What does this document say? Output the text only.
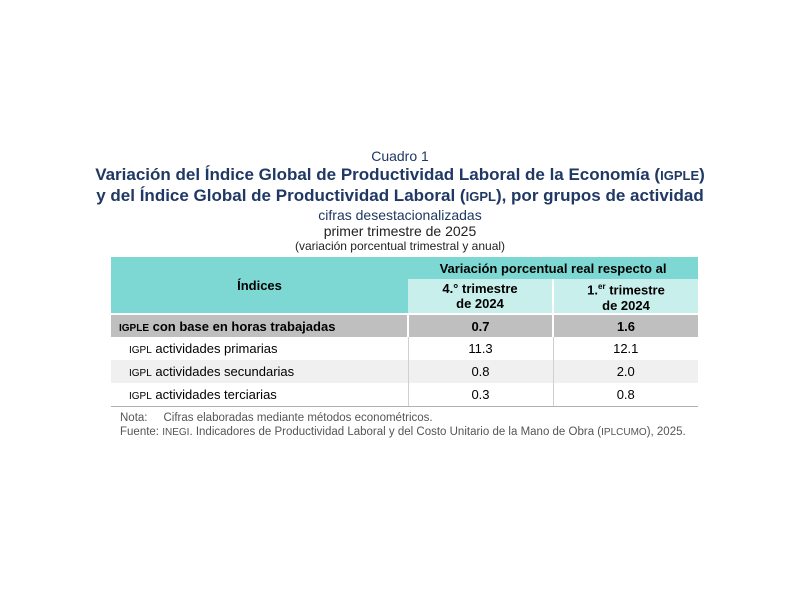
Cuadro 1
Variación del Índice Global de Productividad Laboral de la Economía (IGPLE)
y del Índice Global de Productividad Laboral (IGPL), por grupos de actividad
cifras desestacionalizadas
primer trimestre de 2025
(variación porcentual trimestral y anual)
Índices	Variación porcentual real respecto al	
	4.° trimestre
de 2024	1.$^{er}$ trimestre
de 2024
IGPLE con base en horas trabajadas	0.7	1.6
IGPL actividades primarias	11.3	12.1
IGPL actividades secundarias	0.8	2.0
IGPL actividades terciarias	0.3	0.8
Nota: Cifras elaboradas mediante métodos econométricos.
Fuente: INEGI. Indicadores de Productividad Laboral y del Costo Unitario de la Mano de Obra (IPLCUMO), 2025.
